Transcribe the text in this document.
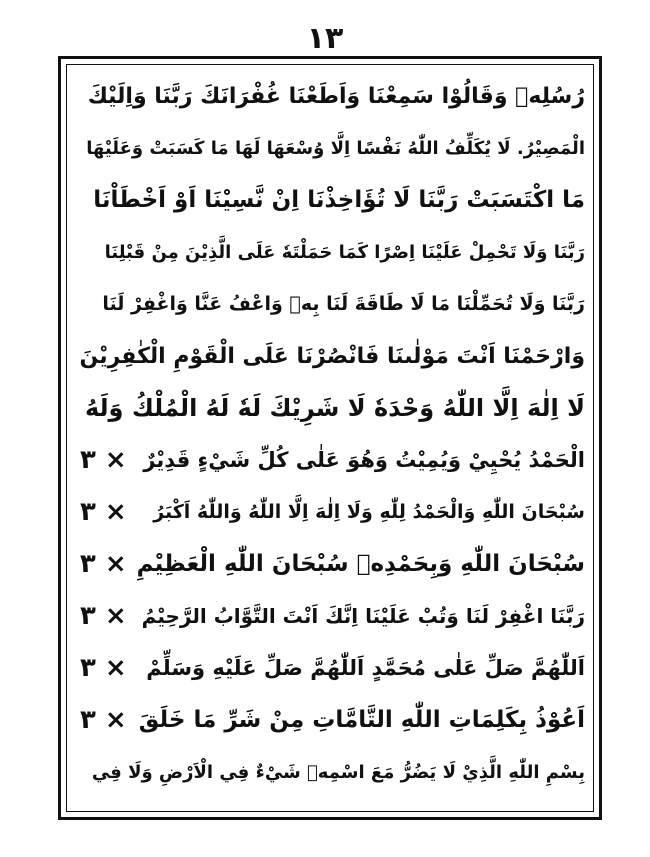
١٣
رُسُلِهٖ وَقَالُوْا سَمِعْنَا وَاَطَعْنَا غُفْرَانَكَ رَبَّنَا وَاِلَيْكَ
الْمَصِيْرُ. لَا يُكَلِّفُ اللّٰهُ نَفْسًا اِلَّا وُسْعَهَا لَهَا مَا كَسَبَتْ وَعَلَيْهَا
مَا اكْتَسَبَتْ رَبَّنَا لَا تُؤَاخِذْنَا اِنْ نَّسِيْنَا اَوْ اَخْطَاْنَا
رَبَّنَا وَلَا تَحْمِلْ عَلَيْنَا اِصْرًا كَمَا حَمَلْتَهٗ عَلَى الَّذِيْنَ مِنْ قَبْلِنَا
رَبَّنَا وَلَا تُحَمِّلْنَا مَا لَا طَاقَةَ لَنَا بِهٖ وَاعْفُ عَنَّا وَاغْفِرْ لَنَا
وَارْحَمْنَا اَنْتَ مَوْلٰىنَا فَانْصُرْنَا عَلَى الْقَوْمِ الْكٰفِرِيْنَ
لَا اِلٰهَ اِلَّا اللّٰهُ وَحْدَهٗ لَا شَرِيْكَ لَهٗ لَهُ الْمُلْكُ وَلَهُ
الْحَمْدُ يُحْيِيْ وَيُمِيْتُ وَهُوَ عَلٰى كُلِّ شَيْءٍ قَدِيْرٌ
٣ ×
سُبْحَانَ اللّٰهِ وَالْحَمْدُ لِلّٰهِ وَلَا اِلٰهَ اِلَّا اللّٰهُ وَاللّٰهُ اَكْبَرُ
٣ ×
سُبْحَانَ اللّٰهِ وَبِحَمْدِهٖ سُبْحَانَ اللّٰهِ الْعَظِيْمِ
٣ ×
رَبَّنَا اغْفِرْ لَنَا وَتُبْ عَلَيْنَا اِنَّكَ اَنْتَ التَّوَّابُ الرَّحِيْمُ
٣ ×
اَللّٰهُمَّ صَلِّ عَلٰى مُحَمَّدٍ اَللّٰهُمَّ صَلِّ عَلَيْهِ وَسَلِّمْ
٣ ×
اَعُوْذُ بِكَلِمَاتِ اللّٰهِ التَّامَّاتِ مِنْ شَرِّ مَا خَلَقَ
٣ ×
بِسْمِ اللّٰهِ الَّذِيْ لَا يَضُرُّ مَعَ اسْمِهٖ شَيْءٌ فِي الْاَرْضِ وَلَا فِي
